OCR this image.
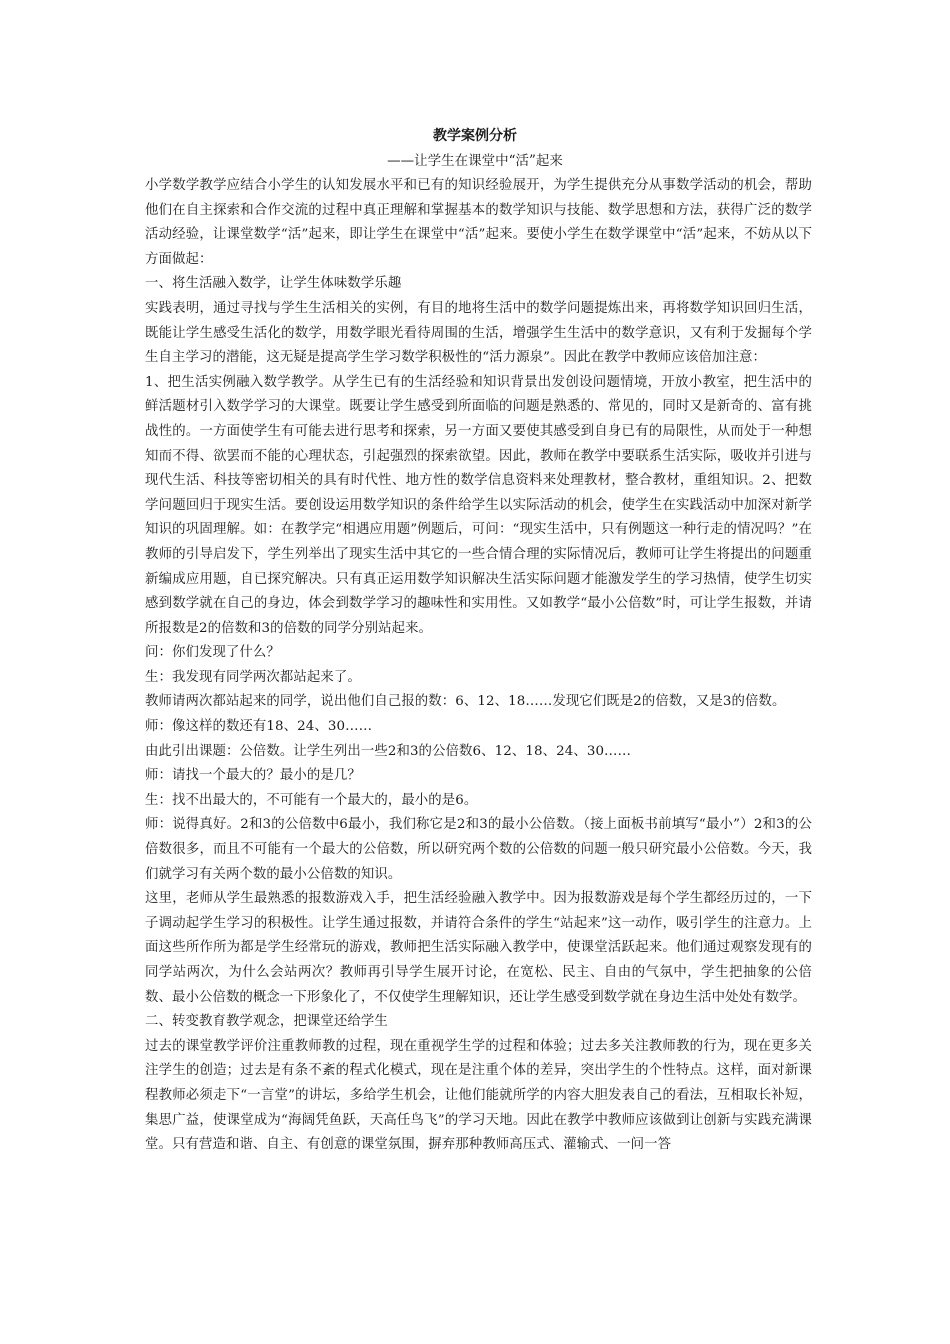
教学案例分析
——让学生在课堂中“活”起来

小学数学教学应结合小学生的认知发展水平和已有的知识经验展开，为学生提供充分从事数学活动的机会，帮助他们在自主探索和合作交流的过程中真正理解和掌握基本的数学知识与技能、数学思想和方法，获得广泛的数学活动经验，让课堂数学“活”起来，即让学生在课堂中“活”起来。要使小学生在数学课堂中“活”起来，不妨从以下方面做起：

一、将生活融入数学，让学生体味数学乐趣

实践表明，通过寻找与学生生活相关的实例，有目的地将生活中的数学问题提炼出来，再将数学知识回归生活，既能让学生感受生活化的数学，用数学眼光看待周围的生活，增强学生生活中的数学意识，又有利于发掘每个学生自主学习的潜能，这无疑是提高学生学习数学积极性的“活力源泉”。因此在教学中教师应该倍加注意：

1、把生活实例融入数学教学。从学生已有的生活经验和知识背景出发创设问题情境，开放小教室，把生活中的鲜活题材引入数学学习的大课堂。既要让学生感受到所面临的问题是熟悉的、常见的，同时又是新奇的、富有挑战性的。一方面使学生有可能去进行思考和探索，另一方面又要使其感受到自身已有的局限性，从而处于一种想知而不得、欲罢而不能的心理状态，引起强烈的探索欲望。因此，教师在教学中要联系生活实际，吸收并引进与现代生活、科技等密切相关的具有时代性、地方性的数学信息资料来处理教材，整合教材，重组知识。2、把数学问题回归于现实生活。要创设运用数学知识的条件给学生以实际活动的机会，使学生在实践活动中加深对新学知识的巩固理解。如：在教学完“相遇应用题”例题后，可问：“现实生活中，只有例题这一种行走的情况吗？”在教师的引导启发下，学生列举出了现实生活中其它的一些合情合理的实际情况后，教师可让学生将提出的问题重新编成应用题，自已探究解决。只有真正运用数学知识解决生活实际问题才能激发学生的学习热情，使学生切实感到数学就在自己的身边，体会到数学学习的趣味性和实用性。又如教学“最小公倍数”时，可让学生报数，并请所报数是2的倍数和3的倍数的同学分别站起来。

问：你们发现了什么？

生：我发现有同学两次都站起来了。

教师请两次都站起来的同学，说出他们自己报的数：6、12、18……发现它们既是2的倍数，又是3的倍数。

师：像这样的数还有18、24、30……

由此引出课题：公倍数。让学生列出一些2和3的公倍数6、12、18、24、30……

师：请找一个最大的？最小的是几？

生：找不出最大的，不可能有一个最大的，最小的是6。

师：说得真好。2和3的公倍数中6最小，我们称它是2和3的最小公倍数。（接上面板书前填写“最小”）2和3的公倍数很多，而且不可能有一个最大的公倍数，所以研究两个数的公倍数的问题一般只研究最小公倍数。今天，我们就学习有关两个数的最小公倍数的知识。

这里，老师从学生最熟悉的报数游戏入手，把生活经验融入教学中。因为报数游戏是每个学生都经历过的，一下子调动起学生学习的积极性。让学生通过报数，并请符合条件的学生“站起来”这一动作，吸引学生的注意力。上面这些所作所为都是学生经常玩的游戏，教师把生活实际融入教学中，使课堂活跃起来。他们通过观察发现有的同学站两次，为什么会站两次？教师再引导学生展开讨论，在宽松、民主、自由的气氛中，学生把抽象的公倍数、最小公倍数的概念一下形象化了，不仅使学生理解知识，还让学生感受到数学就在身边生活中处处有数学。

二、转变教育教学观念，把课堂还给学生

过去的课堂教学评价注重教师教的过程，现在重视学生学的过程和体验；过去多关注教师教的行为，现在更多关注学生的创造；过去是有条不紊的程式化模式，现在是注重个体的差异，突出学生的个性特点。这样，面对新课程教师必须走下“一言堂”的讲坛，多给学生机会，让他们能就所学的内容大胆发表自己的看法，互相取长补短，集思广益，使课堂成为“海阔凭鱼跃，天高任鸟飞”的学习天地。因此在教学中教师应该做到让创新与实践充满课堂。只有营造和谐、自主、有创意的课堂氛围，摒弃那种教师高压式、灌输式、一问一答
